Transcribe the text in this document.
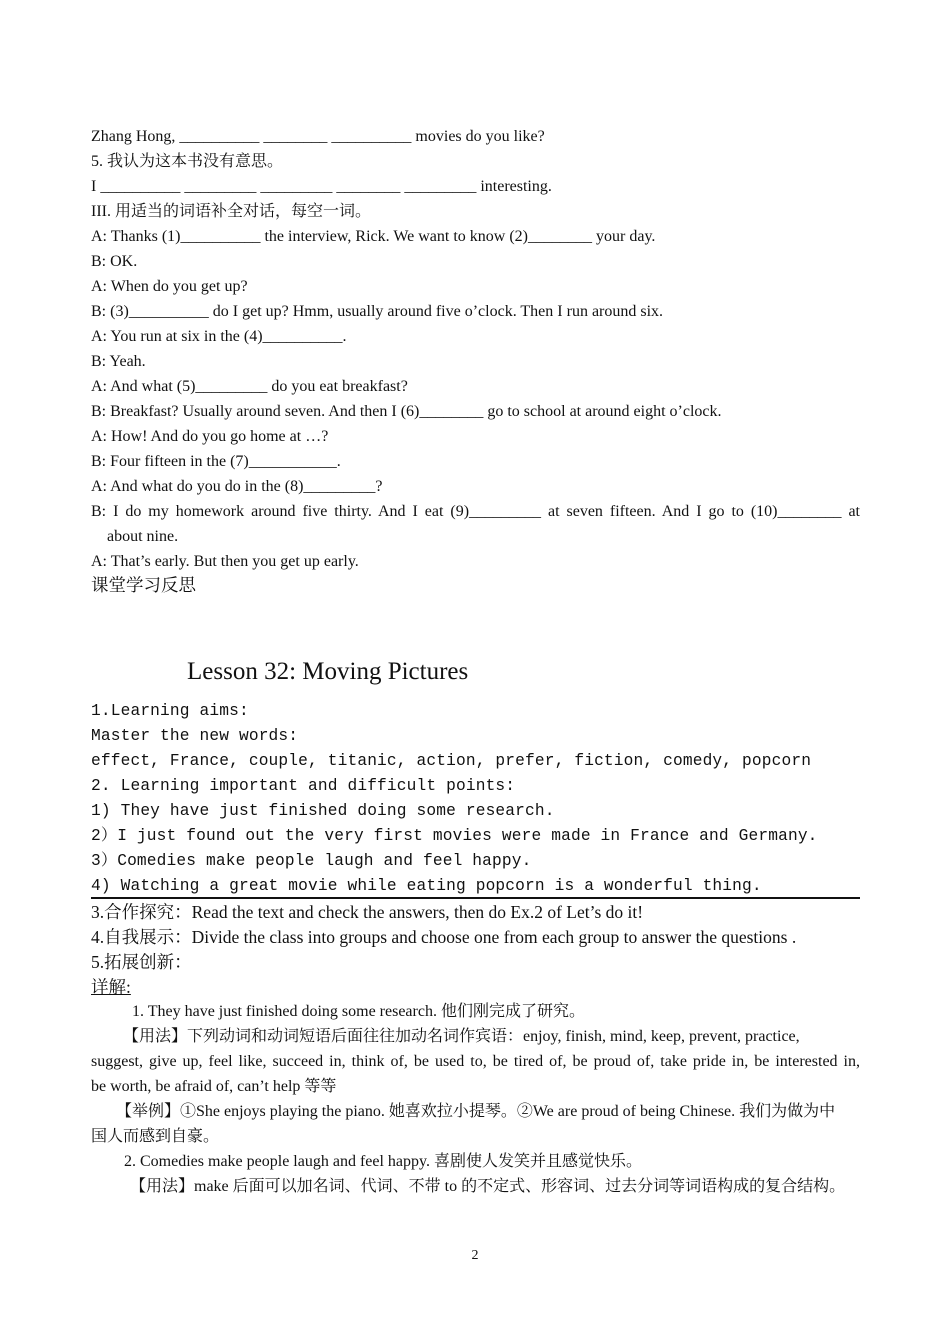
Zhang Hong, __________ ________ __________ movies do you like?
5. 我认为这本书没有意思。
I __________ _________ _________ ________ _________ interesting.
III. 用适当的词语补全对话，每空一词。
A: Thanks (1)__________ the interview, Rick. We want to know (2)________ your day.
B: OK.
A: When do you get up?
B: (3)__________ do I get up? Hmm, usually around five o’clock. Then I run around six.
A: You run at six in the (4)__________.
B: Yeah.
A: And what (5)_________ do you eat breakfast?
B: Breakfast? Usually around seven. And then I (6)________ go to school at around eight o’clock.
A: How! And do you go home at …?
B: Four fifteen in the (7)___________.
A: And what do you do in the (8)_________?
B: I do my homework around five thirty. And I eat (9)_________ at seven fifteen. And I go to (10)________ at
about nine.
A: That’s early. But then you get up early.
课堂学习反思
Lesson 32: Moving Pictures
1.Learning aims:
Master the new words:
effect, France, couple, titanic, action, prefer, fiction, comedy, popcorn
2. Learning important and difficult points:
1) They have just finished doing some research.
2）I just found out the very first movies were made in France and Germany.
3）Comedies make people laugh and feel happy.
4) Watching a great movie while eating popcorn is a wonderful thing.
3.合作探究：Read the text and check the answers, then do Ex.2 of Let’s do it!
4.自我展示：Divide the class into groups and choose one from each group to answer the questions .
5.拓展创新：
详解:
1. They have just finished doing some research. 他们刚完成了研究。
【用法】下列动词和动词短语后面往往加动名词作宾语：enjoy, finish, mind, keep, prevent, practice,
suggest, give up, feel like, succeed in, think of, be used to, be tired of, be proud of, take pride in, be interested in,
be worth, be afraid of, can’t help 等等
【举例】①She enjoys playing the piano. 她喜欢拉小提琴。②We are proud of being Chinese. 我们为做为中
国人而感到自豪。
2. Comedies make people laugh and feel happy. 喜剧使人发笑并且感觉快乐。
【用法】make 后面可以加名词、代词、不带 to 的不定式、形容词、过去分词等词语构成的复合结构。
2
